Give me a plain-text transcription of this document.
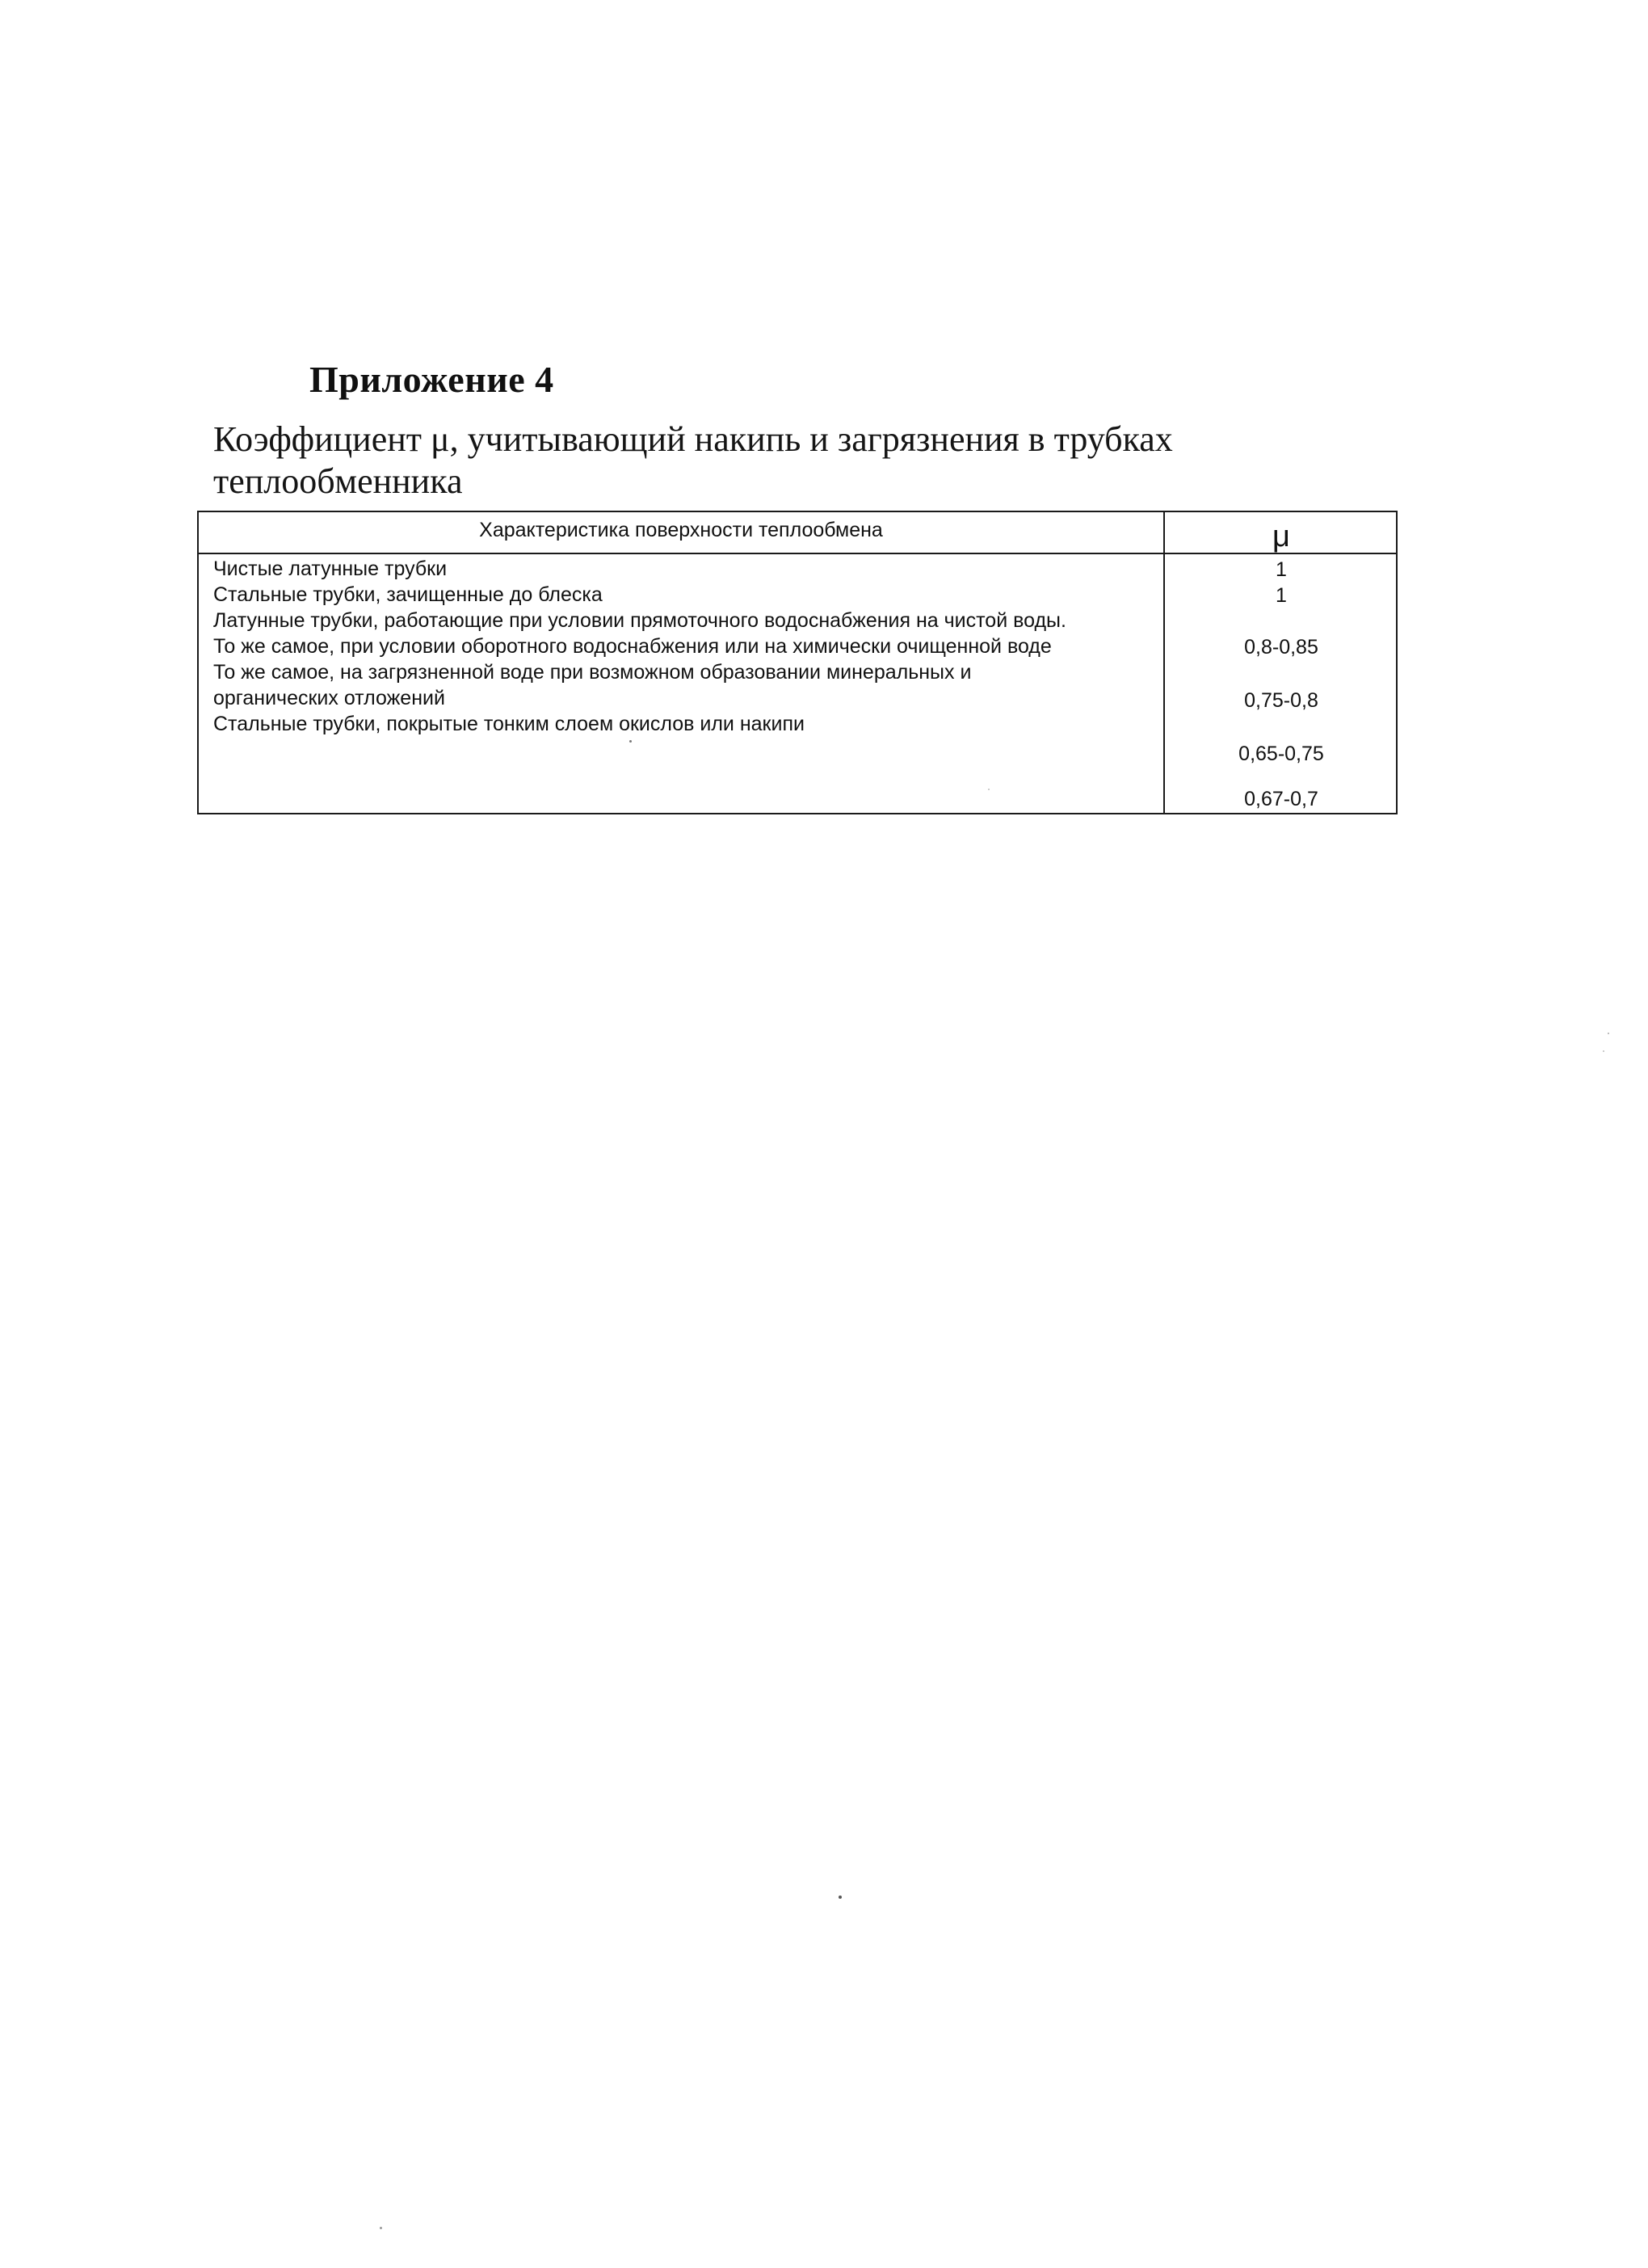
Приложение 4
Коэффициент μ, учитывающий накипь и загрязнения в трубках
теплообменника
Характеристика поверхности теплообмена	μ
Чистые латунные трубки
Стальные трубки, зачищенные до блеска
Латунные трубки, работающие при условии прямоточного водоснабжения на чистой воды.
То же самое, при условии оборотного водоснабжения или на химически очищенной воде
То же самое, на загрязненной воде при возможном образовании минеральных и
органических отложений
Стальные трубки, покрытые тонким слоем окислов или накипи
1
1
0,8-0,85
0,75-0,8
0,65-0,75
0,67-0,7
